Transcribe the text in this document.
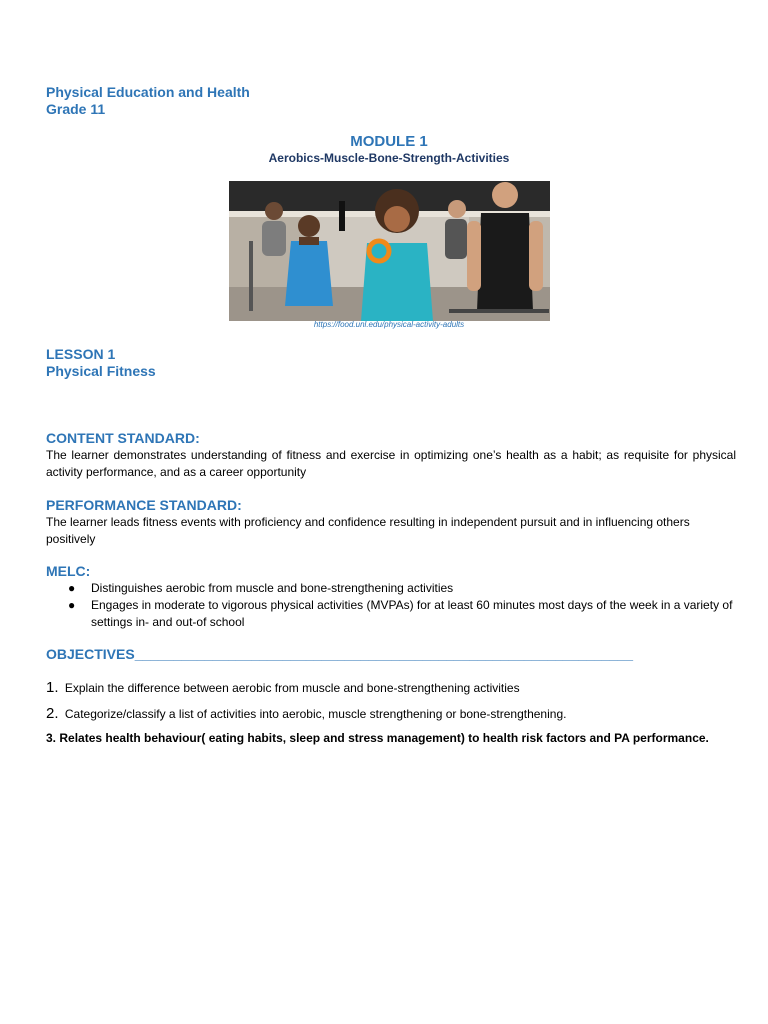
Physical Education and Health
Grade 11
MODULE 1
Aerobics-Muscle-Bone-Strength-Activities
https://food.unl.edu/physical-activity-adults
LESSON 1
Physical Fitness
CONTENT STANDARD:
The learner demonstrates understanding of fitness and exercise in optimizing one’s health as a habit; as requisite for physical activity performance, and as a career opportunity
PERFORMANCE STANDARD:
The learner leads fitness events with proficiency and confidence resulting in independent pursuit and in influencing others positively
MELC:
● Distinguishes aerobic from muscle and bone-strengthening activities
● Engages in moderate to vigorous physical activities (MVPAs) for at least 60 minutes most days of the week in a variety of settings in- and out-of school
OBJECTIVES________________________________________________________________
1. Explain the difference between aerobic from muscle and bone-strengthening activities
2. Categorize/classify a list of activities into aerobic, muscle strengthening or bone-strengthening.
3. Relates health behaviour( eating habits, sleep and stress management) to health risk factors and PA performance.
